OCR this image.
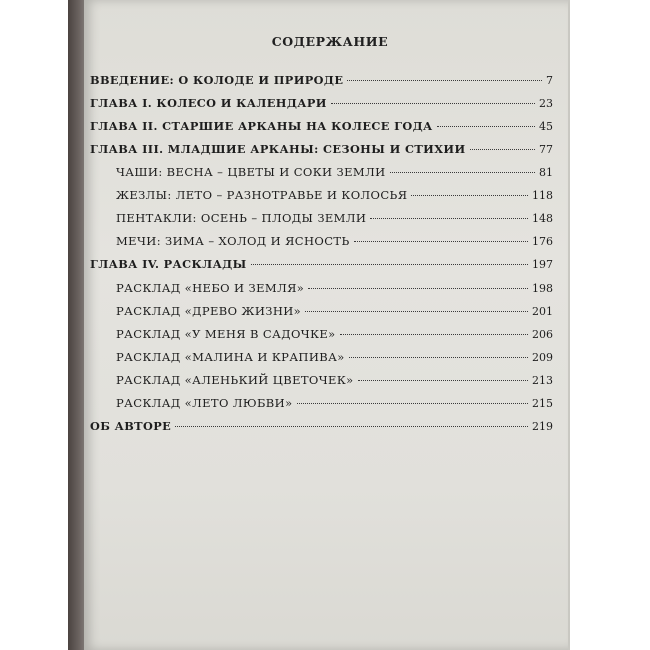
СОДЕРЖАНИЕ
ВВЕДЕНИЕ: О КОЛОДЕ И ПРИРОДЕ	7
ГЛАВА I. КОЛЕСО И КАЛЕНДАРИ	23
ГЛАВА II. СТАРШИЕ АРКАНЫ НА КОЛЕСЕ ГОДА	45
ГЛАВА III. МЛАДШИЕ АРКАНЫ: СЕЗОНЫ И СТИХИИ	77
ЧАШИ: ВЕСНА – ЦВЕТЫ И СОКИ ЗЕМЛИ	81
ЖЕЗЛЫ: ЛЕТО – РАЗНОТРАВЬЕ И КОЛОСЬЯ	118
ПЕНТАКЛИ: ОСЕНЬ – ПЛОДЫ ЗЕМЛИ	148
МЕЧИ: ЗИМА – ХОЛОД И ЯСНОСТЬ	176
ГЛАВА IV. РАСКЛАДЫ	197
РАСКЛАД «НЕБО И ЗЕМЛЯ»	198
РАСКЛАД «ДРЕВО ЖИЗНИ»	201
РАСКЛАД «У МЕНЯ В САДОЧКЕ»	206
РАСКЛАД «МАЛИНА И КРАПИВА»	209
РАСКЛАД «АЛЕНЬКИЙ ЦВЕТОЧЕК»	213
РАСКЛАД «ЛЕТО ЛЮБВИ»	215
ОБ АВТОРЕ	219
